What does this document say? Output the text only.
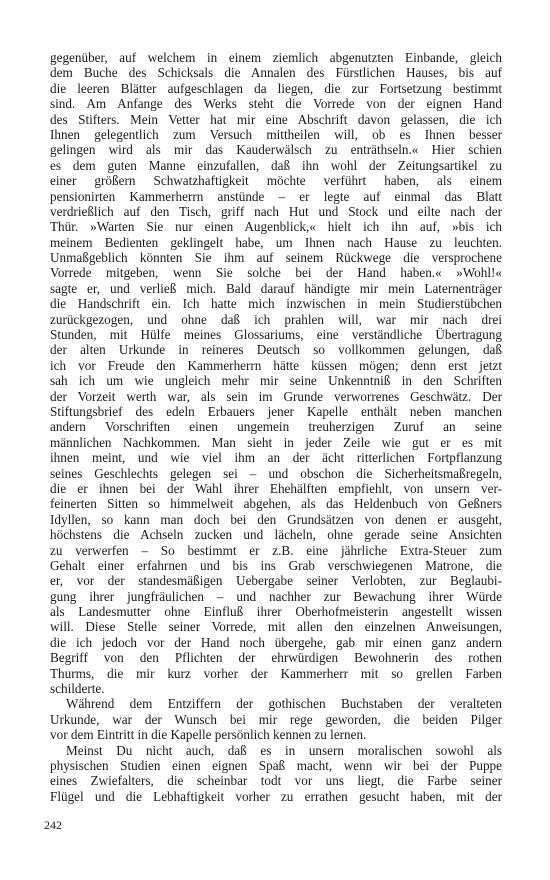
gegenüber, auf welchem in einem ziemlich abgenutzten Einbande, gleich
dem Buche des Schicksals die Annalen des Fürstlichen Hauses, bis auf
die leeren Blätter aufgeschlagen da liegen, die zur Fortsetzung bestimmt
sind. Am Anfange des Werks steht die Vorrede von der eignen Hand
des Stifters. Mein Vetter hat mir eine Abschrift davon gelassen, die ich
Ihnen gelegentlich zum Versuch mittheilen will, ob es Ihnen besser
gelingen wird als mir das Kauderwälsch zu enträthseln.« Hier schien
es dem guten Manne einzufallen, daß ihn wohl der Zeitungsartikel zu
einer größern Schwatzhaftigkeit möchte verführt haben, als einem
pensionirten Kammerherrn anstünde – er legte auf einmal das Blatt
verdrießlich auf den Tisch, griff nach Hut und Stock und eilte nach der
Thür. »Warten Sie nur einen Augenblick,« hielt ich ihn auf, »bis ich
meinem Bedienten geklingelt habe, um Ihnen nach Hause zu leuchten.
Unmaßgeblich könnten Sie ihm auf seinem Rückwege die versprochene
Vorrede mitgeben, wenn Sie solche bei der Hand haben.« »Wohl!«
sagte er, und verließ mich. Bald darauf händigte mir mein Laternenträger
die Handschrift ein. Ich hatte mich inzwischen in mein Studierstübchen
zurückgezogen, und ohne daß ich prahlen will, war mir nach drei
Stunden, mit Hülfe meines Glossariums, eine verständliche Übertragung
der alten Urkunde in reineres Deutsch so vollkommen gelungen, daß
ich vor Freude den Kammerherrn hätte küssen mögen; denn erst jetzt
sah ich um wie ungleich mehr mir seine Unkenntniß in den Schriften
der Vorzeit werth war, als sein im Grunde verworrenes Geschwätz. Der
Stiftungsbrief des edeln Erbauers jener Kapelle enthält neben manchen
andern Vorschriften einen ungemein treuherzigen Zuruf an seine
männlichen Nachkommen. Man sieht in jeder Zeile wie gut er es mit
ihnen meint, und wie viel ihm an der ächt ritterlichen Fortpflanzung
seines Geschlechts gelegen sei – und obschon die Sicherheitsmaßregeln,
die er ihnen bei der Wahl ihrer Ehehälften empfiehlt, von unsern ver-
feinerten Sitten so himmelweit abgehen, als das Heldenbuch von Geßners
Idyllen, so kann man doch bei den Grundsätzen von denen er ausgeht,
höchstens die Achseln zucken und lächeln, ohne gerade seine Ansichten
zu verwerfen – So bestimmt er z.B. eine jährliche Extra-Steuer zum
Gehalt einer erfahrnen und bis ins Grab verschwiegenen Matrone, die
er, vor der standesmäßigen Uebergabe seiner Verlobten, zur Beglaubi-
gung ihrer jungfräulichen – und nachher zur Bewachung ihrer Würde
als Landesmutter ohne Einfluß ihrer Oberhofmeisterin angestellt wissen
will. Diese Stelle seiner Vorrede, mit allen den einzelnen Anweisungen,
die ich jedoch vor der Hand noch übergehe, gab mir einen ganz andern
Begriff von den Pflichten der ehrwürdigen Bewohnerin des rothen
Thurms, die mir kurz vorher der Kammerherr mit so grellen Farben
schilderte.
Während dem Entziffern der gothischen Buchstaben der veralteten
Urkunde, war der Wunsch bei mir rege geworden, die beiden Pilger
vor dem Eintritt in die Kapelle persönlich kennen zu lernen.
Meinst Du nicht auch, daß es in unsern moralischen sowohl als
physischen Studien einen eignen Spaß macht, wenn wir bei der Puppe
eines Zwiefalters, die scheinbar todt vor uns liegt, die Farbe seiner
Flügel und die Lebhaftigkeit vorher zu errathen gesucht haben, mit der
242
